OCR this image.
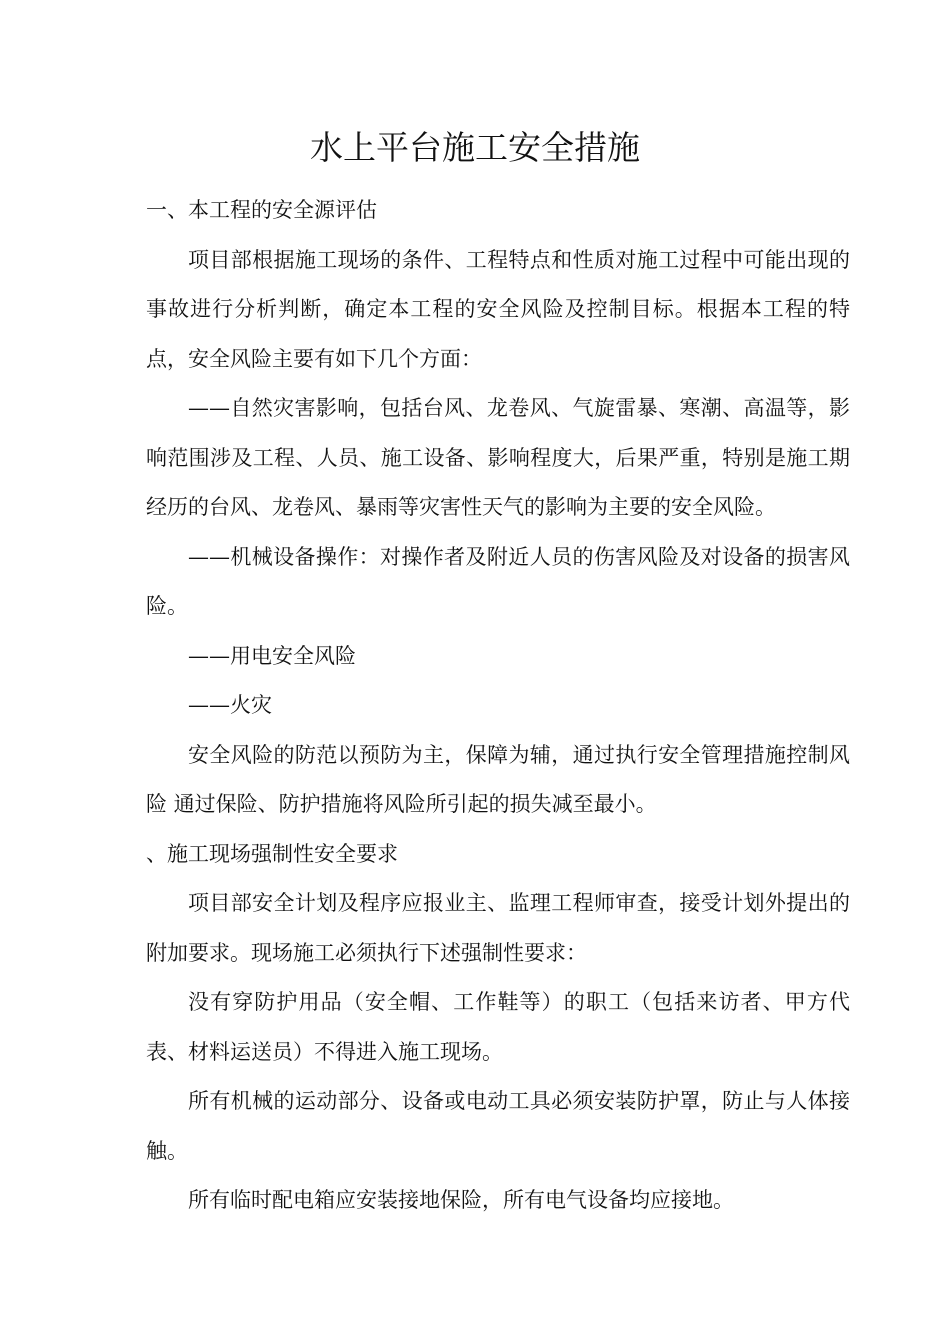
水上平台施工安全措施

一、本工程的安全源评估

项目部根据施工现场的条件、工程特点和性质对施工过程中可能出现的事故进行分析判断，确定本工程的安全风险及控制目标。根据本工程的特点，安全风险主要有如下几个方面：

——自然灾害影响，包括台风、龙卷风、气旋雷暴、寒潮、高温等，影响范围涉及工程、人员、施工设备、影响程度大，后果严重，特别是施工期经历的台风、龙卷风、暴雨等灾害性天气的影响为主要的安全风险。

——机械设备操作：对操作者及附近人员的伤害风险及对设备的损害风险。

——用电安全风险

——火灾

安全风险的防范以预防为主，保障为辅，通过执行安全管理措施控制风险 通过保险、防护措施将风险所引起的损失减至最小。

、施工现场强制性安全要求

项目部安全计划及程序应报业主、监理工程师审查，接受计划外提出的附加要求。现场施工必须执行下述强制性要求：

没有穿防护用品（安全帽、工作鞋等）的职工（包括来访者、甲方代表、材料运送员）不得进入施工现场。

所有机械的运动部分、设备或电动工具必须安装防护罩，防止与人体接触。

所有临时配电箱应安装接地保险，所有电气设备均应接地。
